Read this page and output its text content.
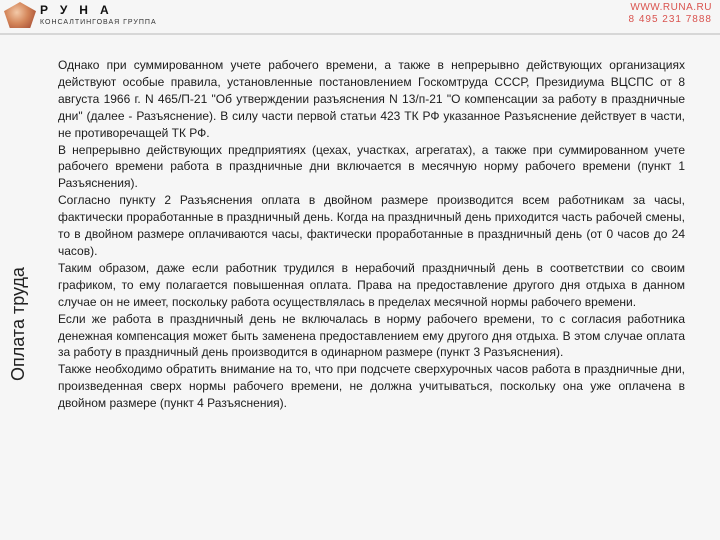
РУНА
КОНСАЛТИНГОВАЯ ГРУППА
WWW.RUNA.RU
8 495 231 7888
Оплата труда

Однако при суммированном учете рабочего времени, а также в непрерывно действующих организациях действуют особые правила, установленные постановлением Госкомтруда СССР, Президиума ВЦСПС от 8 августа 1966 г. N 465/П-21 "Об утверждении разъяснения N 13/п-21 "О компенсации за работу в праздничные дни" (далее - Разъяснение). В силу части первой статьи 423 ТК РФ указанное Разъяснение действует в части, не противоречащей ТК РФ.

В непрерывно действующих предприятиях (цехах, участках, агрегатах), а также при суммированном учете рабочего времени работа в праздничные дни включается в месячную норму рабочего времени (пункт 1 Разъяснения).

Согласно пункту 2 Разъяснения оплата в двойном размере производится всем работникам за часы, фактически проработанные в праздничный день. Когда на праздничный день приходится часть рабочей смены, то в двойном размере оплачиваются часы, фактически проработанные в праздничный день (от 0 часов до 24 часов).

Таким образом, даже если работник трудился в нерабочий праздничный день в соответствии со своим графиком, то ему полагается повышенная оплата. Права на предоставление другого дня отдыха в данном случае он не имеет, поскольку работа осуществлялась в пределах месячной нормы рабочего времени.

Если же работа в праздничный день не включалась в норму рабочего времени, то с согласия работника денежная компенсация может быть заменена предоставлением ему другого дня отдыха. В этом случае оплата за работу в праздничный день производится в одинарном размере (пункт 3 Разъяснения).

Также необходимо обратить внимание на то, что при подсчете сверхурочных часов работа в праздничные дни, произведенная сверх нормы рабочего времени, не должна учитываться, поскольку она уже оплачена в двойном размере (пункт 4 Разъяснения).
